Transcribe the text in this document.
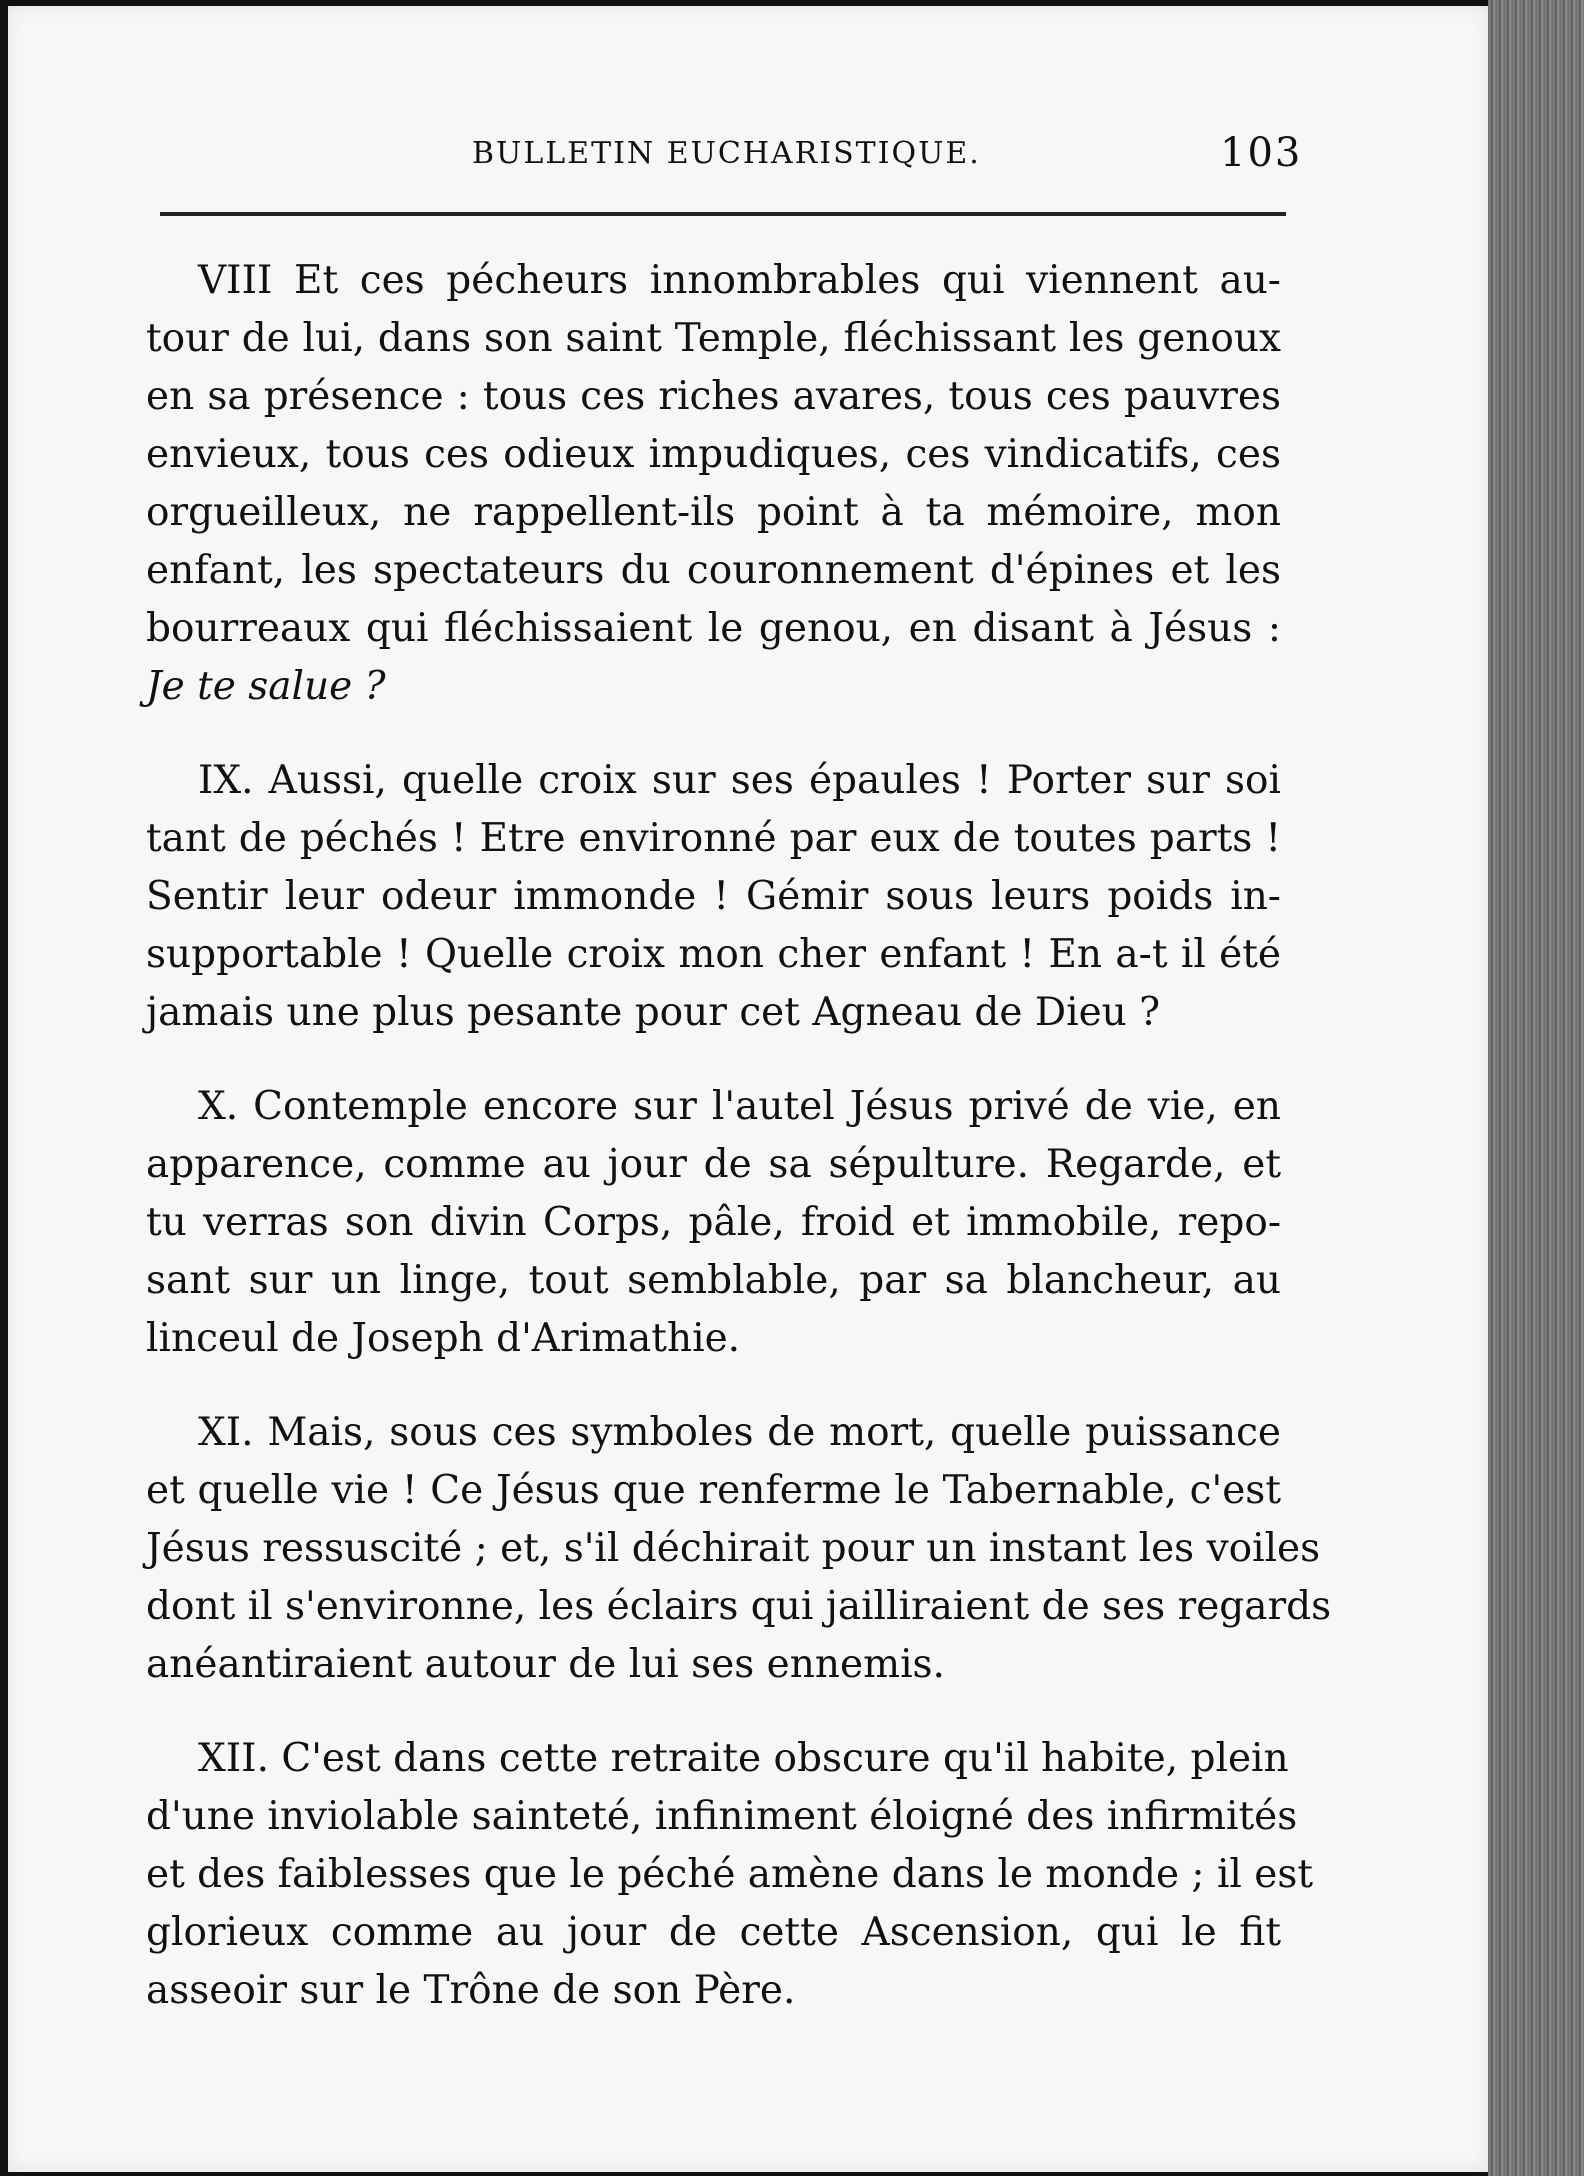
BULLETIN EUCHARISTIQUE.	103
VIII Et ces pécheurs innombrables qui viennent au-
tour de lui, dans son saint Temple, fléchissant les genoux
en sa présence : tous ces riches avares, tous ces pauvres
envieux, tous ces odieux impudiques, ces vindicatifs, ces
orgueilleux, ne rappellent-ils point à ta mémoire, mon
enfant, les spectateurs du couronnement d'épines et les
bourreaux qui fléchissaient le genou, en disant à Jésus :
Je te salue ?
IX. Aussi, quelle croix sur ses épaules ! Porter sur soi
tant de péchés ! Etre environné par eux de toutes parts !
Sentir leur odeur immonde ! Gémir sous leurs poids in-
supportable ! Quelle croix mon cher enfant ! En a-t il été
jamais une plus pesante pour cet Agneau de Dieu ?
X. Contemple encore sur l'autel Jésus privé de vie, en
apparence, comme au jour de sa sépulture. Regarde, et
tu verras son divin Corps, pâle, froid et immobile, repo-
sant sur un linge, tout semblable, par sa blancheur, au
linceul de Joseph d'Arimathie.
XI. Mais, sous ces symboles de mort, quelle puissance
et quelle vie ! Ce Jésus que renferme le Tabernable, c'est
Jésus ressuscité ; et, s'il déchirait pour un instant les voiles
dont il s'environne, les éclairs qui jailliraient de ses regards
anéantiraient autour de lui ses ennemis.
XII. C'est dans cette retraite obscure qu'il habite, plein
d'une inviolable sainteté, infiniment éloigné des infirmités
et des faiblesses que le péché amène dans le monde ; il est
glorieux comme au jour de cette Ascension, qui le fit
asseoir sur le Trône de son Père.
